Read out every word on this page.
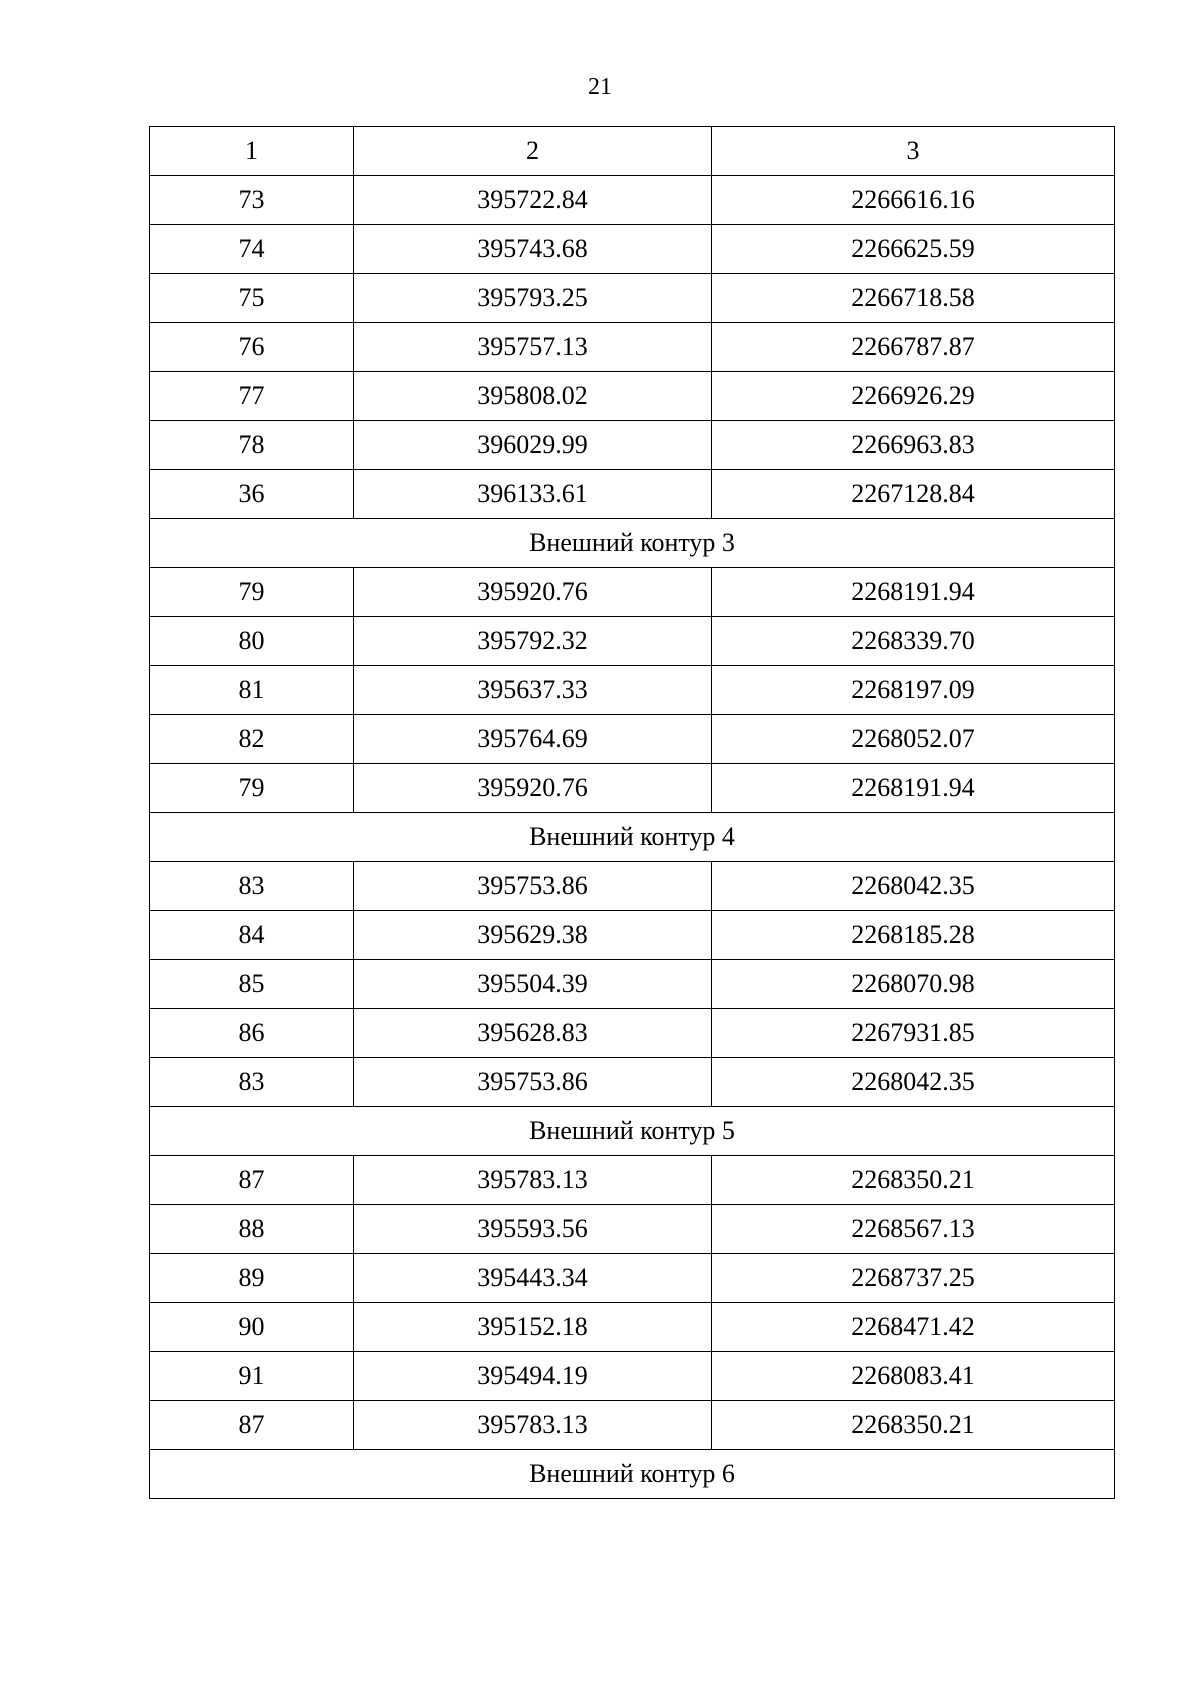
21
1	2	3
73	395722.84	2266616.16
74	395743.68	2266625.59
75	395793.25	2266718.58
76	395757.13	2266787.87
77	395808.02	2266926.29
78	396029.99	2266963.83
36	396133.61	2267128.84
Внешний контур 3		
79	395920.76	2268191.94
80	395792.32	2268339.70
81	395637.33	2268197.09
82	395764.69	2268052.07
79	395920.76	2268191.94
Внешний контур 4		
83	395753.86	2268042.35
84	395629.38	2268185.28
85	395504.39	2268070.98
86	395628.83	2267931.85
83	395753.86	2268042.35
Внешний контур 5		
87	395783.13	2268350.21
88	395593.56	2268567.13
89	395443.34	2268737.25
90	395152.18	2268471.42
91	395494.19	2268083.41
87	395783.13	2268350.21
Внешний контур 6		
